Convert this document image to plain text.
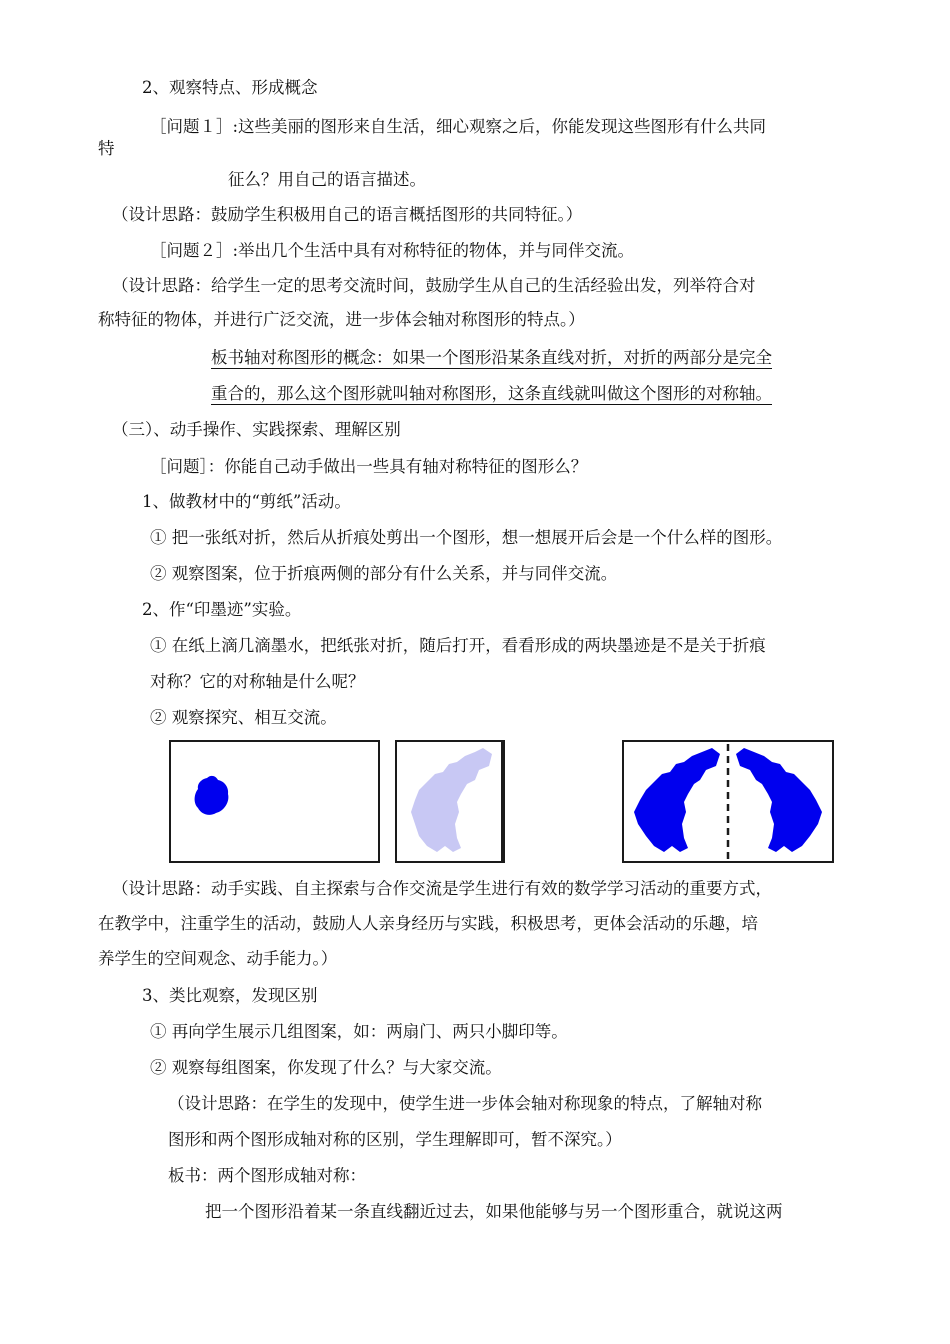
2、观察特点、形成概念
［问题１］:这些美丽的图形来自生活，细心观察之后，你能发现这些图形有什么共同
特
征么？用自己的语言描述。
（设计思路：鼓励学生积极用自己的语言概括图形的共同特征。）
［问题２］:举出几个生活中具有对称特征的物体，并与同伴交流。
（设计思路：给学生一定的思考交流时间，鼓励学生从自己的生活经验出发，列举符合对
称特征的物体，并进行广泛交流，进一步体会轴对称图形的特点。）
板书轴对称图形的概念：如果一个图形沿某条直线对折，对折的两部分是完全
重合的，那么这个图形就叫轴对称图形，这条直线就叫做这个图形的对称轴。
（三）、动手操作、实践探索、理解区别
［问题］：你能自己动手做出一些具有轴对称特征的图形么？
1、做教材中的“剪纸”活动。
① 把一张纸对折，然后从折痕处剪出一个图形，想一想展开后会是一个什么样的图形。
② 观察图案，位于折痕两侧的部分有什么关系，并与同伴交流。
2、作“印墨迹”实验。
① 在纸上滴几滴墨水，把纸张对折，随后打开，看看形成的两块墨迹是不是关于折痕
对称？它的对称轴是什么呢？
② 观察探究、相互交流。
（设计思路：动手实践、自主探索与合作交流是学生进行有效的数学学习活动的重要方式，
在教学中，注重学生的活动，鼓励人人亲身经历与实践，积极思考，更体会活动的乐趣，培
养学生的空间观念、动手能力。）
3、类比观察，发现区别
① 再向学生展示几组图案，如：两扇门、两只小脚印等。
② 观察每组图案，你发现了什么？与大家交流。
（设计思路：在学生的发现中，使学生进一步体会轴对称现象的特点，了解轴对称
图形和两个图形成轴对称的区别，学生理解即可，暂不深究。）
板书：两个图形成轴对称：
把一个图形沿着某一条直线翻近过去，如果他能够与另一个图形重合，就说这两
